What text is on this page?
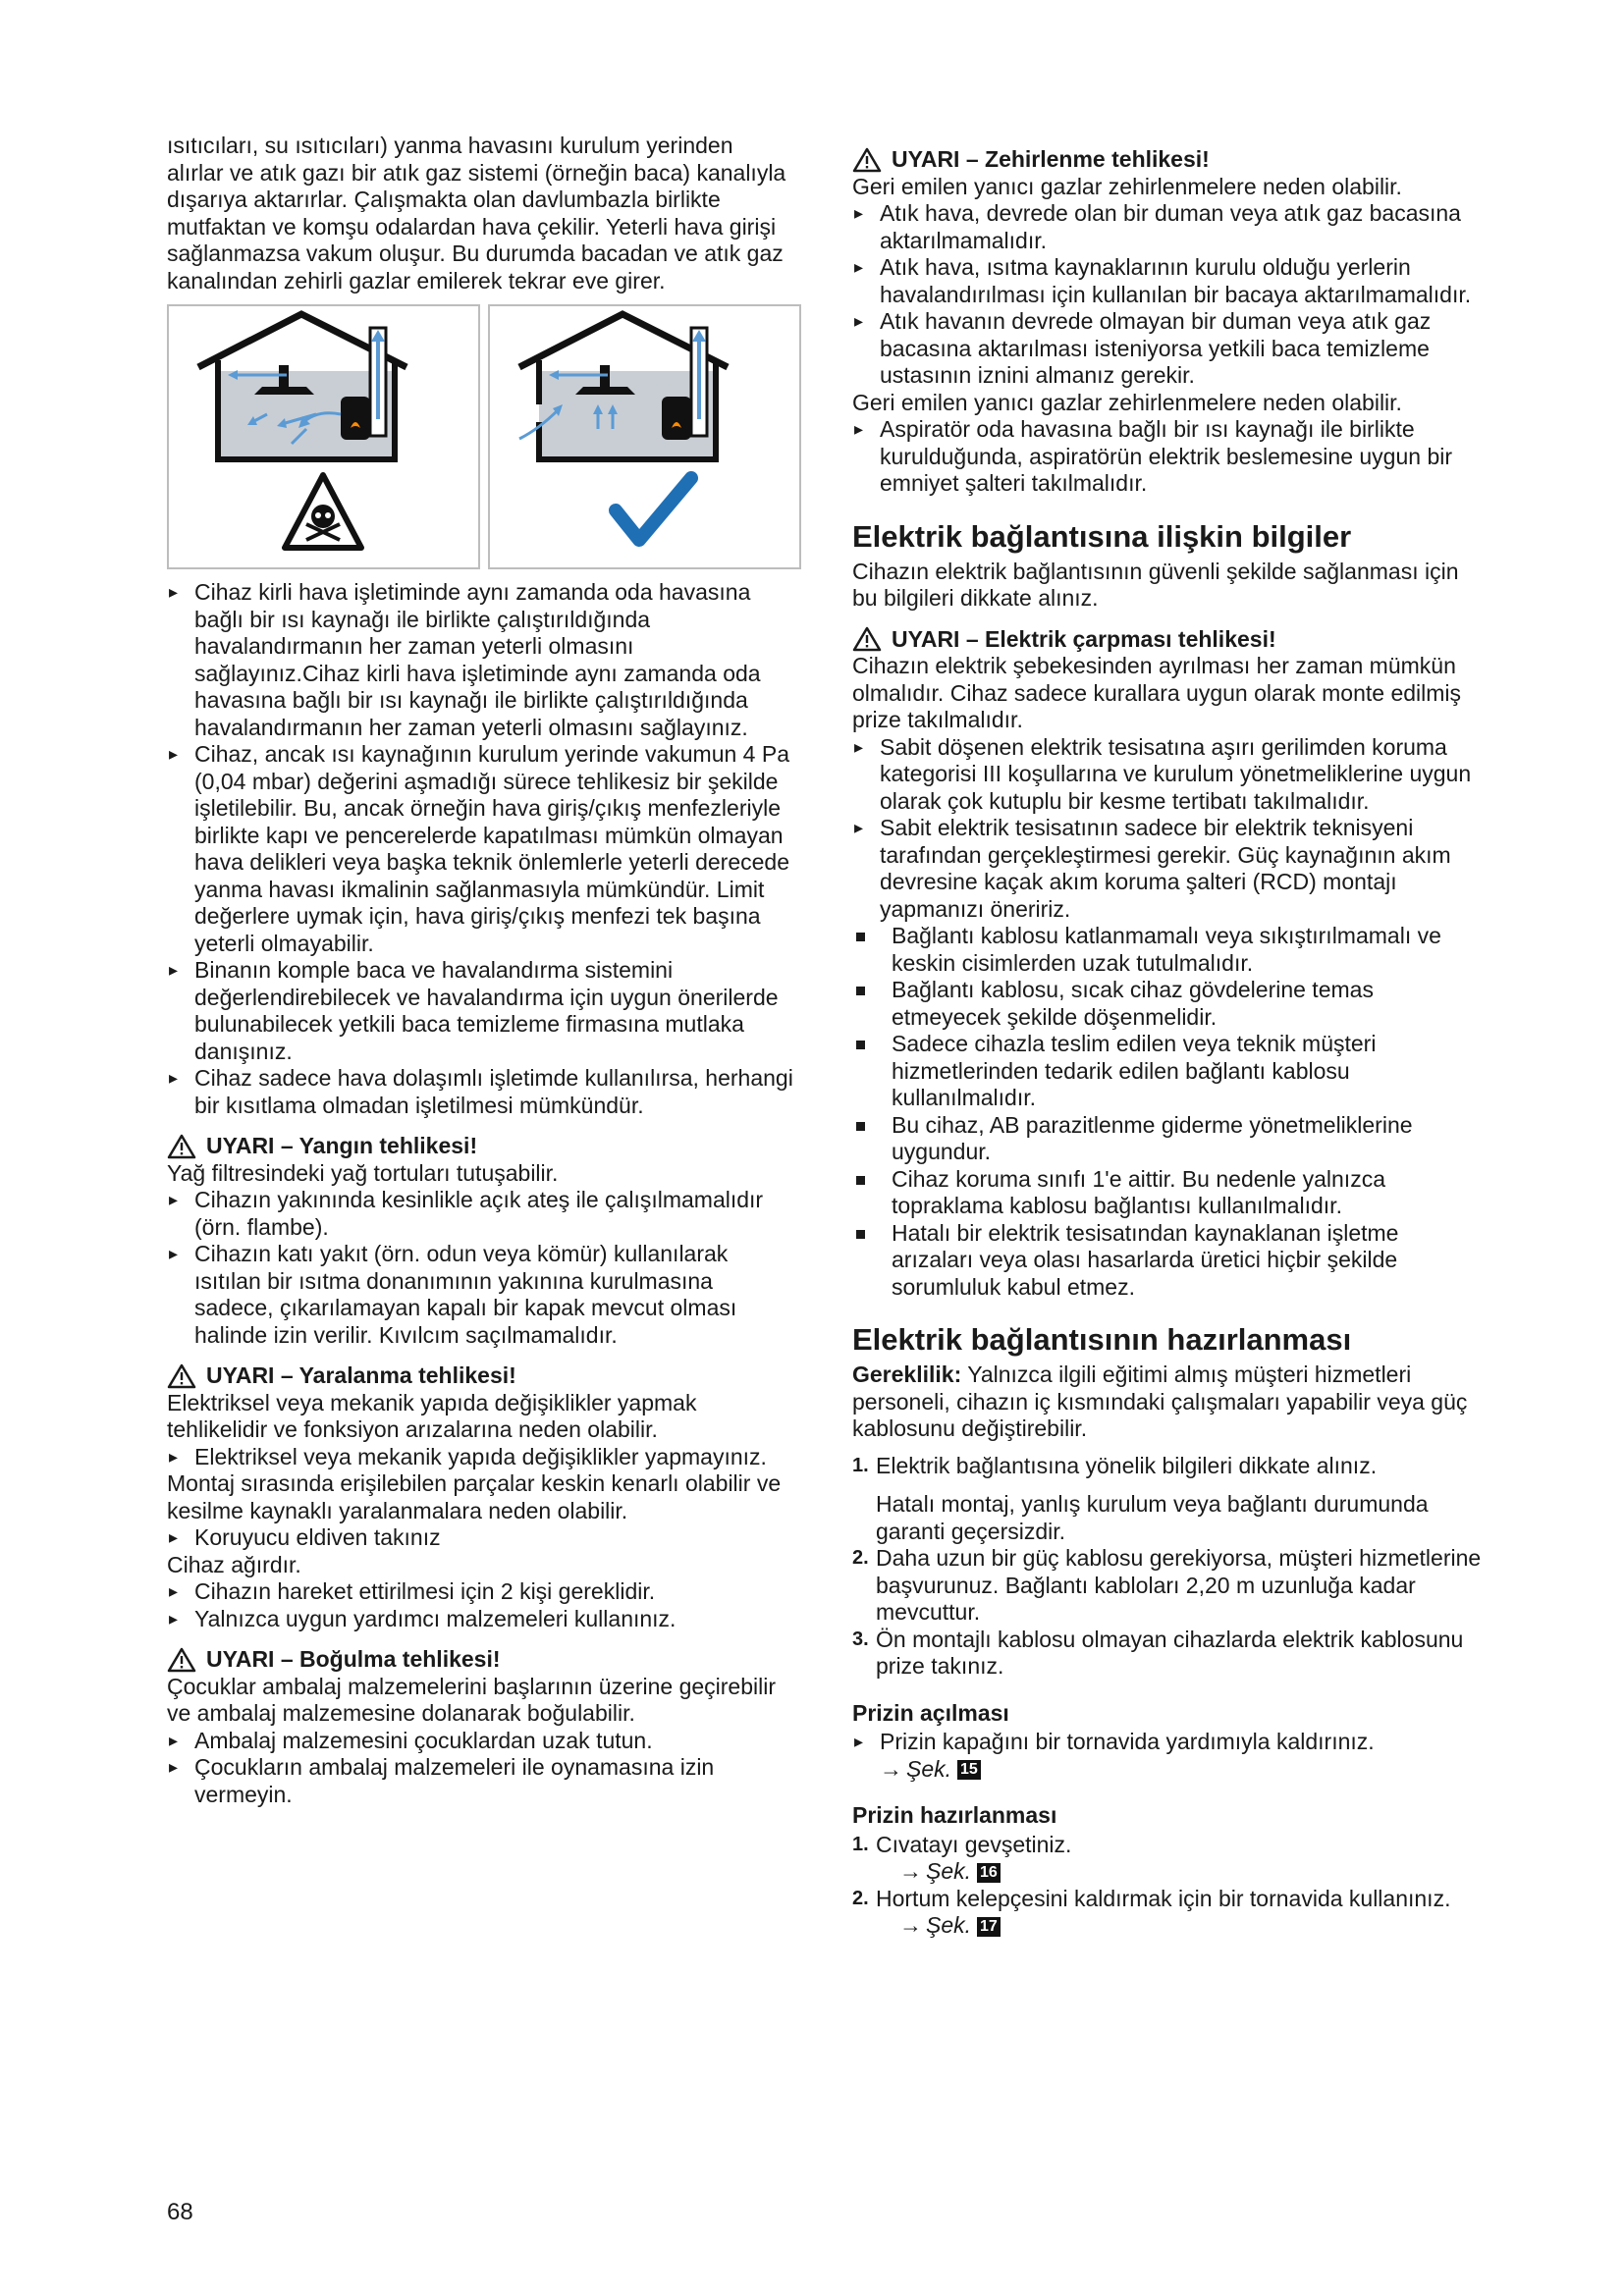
ısıtıcıları, su ısıtıcıları) yanma havasını kurulum yerinden alırlar ve atık gazı bir atık gaz sistemi (örneğin baca) kanalıyla dışarıya aktarırlar. Çalışmakta olan davlumbazla birlikte mutfaktan ve komşu odalardan hava çekilir. Yeterli hava girişi sağlanmazsa vakum oluşur. Bu durumda bacadan ve atık gaz kanalından zehirli gazlar emilerek tekrar eve girer.

▸ Cihaz kirli hava işletiminde aynı zamanda oda havasına bağlı bir ısı kaynağı ile birlikte çalıştırıldığında havalandırmanın her zaman yeterli olmasını sağlayınız.Cihaz kirli hava işletiminde aynı zamanda oda havasına bağlı bir ısı kaynağı ile birlikte çalıştırıldığında havalandırmanın her zaman yeterli olmasını sağlayınız.
▸ Cihaz, ancak ısı kaynağının kurulum yerinde vakumun 4 Pa (0,04 mbar) değerini aşmadığı sürece tehlikesiz bir şekilde işletilebilir. Bu, ancak örneğin hava giriş/çıkış menfezleriyle birlikte kapı ve pencerelerde kapatılması mümkün olmayan hava delikleri veya başka teknik önlemlerle yeterli derecede yanma havası ikmalinin sağlanmasıyla mümkündür. Limit değerlere uymak için, hava giriş/çıkış menfezi tek başına yeterli olmayabilir.
▸ Binanın komple baca ve havalandırma sistemini değerlendirebilecek ve havalandırma için uygun önerilerde bulunabilecek yetkili baca temizleme firmasına mutlaka danışınız.
▸ Cihaz sadece hava dolaşımlı işletimde kullanılırsa, herhangi bir kısıtlama olmadan işletilmesi mümkündür.
UYARI – Yangın tehlikesi!

Yağ filtresindeki yağ tortuları tutuşabilir.

▸ Cihazın yakınında kesinlikle açık ateş ile çalışılmamalıdır (örn. flambe).
▸ Cihazın katı yakıt (örn. odun veya kömür) kullanılarak ısıtılan bir ısıtma donanımının yakınına kurulmasına sadece, çıkarılamayan kapalı bir kapak mevcut olması halinde izin verilir. Kıvılcım saçılmamalıdır.
UYARI – Yaralanma tehlikesi!

Elektriksel veya mekanik yapıda değişiklikler yapmak tehlikelidir ve fonksiyon arızalarına neden olabilir.

▸ Elektriksel veya mekanik yapıda değişiklikler yapmayınız.

Montaj sırasında erişilebilen parçalar keskin kenarlı olabilir ve kesilme kaynaklı yaralanmalara neden olabilir.

▸ Koruyucu eldiven takınız

Cihaz ağırdır.

▸ Cihazın hareket ettirilmesi için 2 kişi gereklidir.
▸ Yalnızca uygun yardımcı malzemeleri kullanınız.
UYARI – Boğulma tehlikesi!

Çocuklar ambalaj malzemelerini başlarının üzerine geçirebilir ve ambalaj malzemesine dolanarak boğulabilir.

▸ Ambalaj malzemesini çocuklardan uzak tutun.
▸ Çocukların ambalaj malzemeleri ile oynamasına izin vermeyin.
UYARI – Zehirlenme tehlikesi!

Geri emilen yanıcı gazlar zehirlenmelere neden olabilir.

▸ Atık hava, devrede olan bir duman veya atık gaz bacasına aktarılmamalıdır.
▸ Atık hava, ısıtma kaynaklarının kurulu olduğu yerlerin havalandırılması için kullanılan bir bacaya aktarılmamalıdır.
▸ Atık havanın devrede olmayan bir duman veya atık gaz bacasına aktarılması isteniyorsa yetkili baca temizleme ustasının iznini almanız gerekir.

Geri emilen yanıcı gazlar zehirlenmelere neden olabilir.

▸ Aspiratör oda havasına bağlı bir ısı kaynağı ile birlikte kurulduğunda, aspiratörün elektrik beslemesine uygun bir emniyet şalteri takılmalıdır.
Elektrik bağlantısına ilişkin bilgiler

Cihazın elektrik bağlantısının güvenli şekilde sağlanması için bu bilgileri dikkate alınız.

UYARI – Elektrik çarpması tehlikesi!

Cihazın elektrik şebekesinden ayrılması her zaman mümkün olmalıdır. Cihaz sadece kurallara uygun olarak monte edilmiş prize takılmalıdır.

▸ Sabit döşenen elektrik tesisatına aşırı gerilimden koruma kategorisi III koşullarına ve kurulum yönetmeliklerine uygun olarak çok kutuplu bir kesme tertibatı takılmalıdır.
▸ Sabit elektrik tesisatının sadece bir elektrik teknisyeni tarafından gerçekleştirmesi gerekir. Güç kaynağının akım devresine kaçak akım koruma şalteri (RCD) montajı yapmanızı öneririz.
Bağlantı kablosu katlanmamalı veya sıkıştırılmamalı ve keskin cisimlerden uzak tutulmalıdır.
Bağlantı kablosu, sıcak cihaz gövdelerine temas etmeyecek şekilde döşenmelidir.
Sadece cihazla teslim edilen veya teknik müşteri hizmetlerinden tedarik edilen bağlantı kablosu kullanılmalıdır.
Bu cihaz, AB parazitlenme giderme yönetmeliklerine uygundur.
Cihaz koruma sınıfı 1'e aittir. Bu nedenle yalnızca topraklama kablosu bağlantısı kullanılmalıdır.
Hatalı bir elektrik tesisatından kaynaklanan işletme arızaları veya olası hasarlarda üretici hiçbir şekilde sorumluluk kabul etmez.
Elektrik bağlantısının hazırlanması

Gereklilik: Yalnızca ilgili eğitimi almış müşteri hizmetleri personeli, cihazın iç kısmındaki çalışmaları yapabilir veya güç kablosunu değiştirebilir.

1. Elektrik bağlantısına yönelik bilgileri dikkate alınız.
Hatalı montaj, yanlış kurulum veya bağlantı durumunda garanti geçersizdir.
2. Daha uzun bir güç kablosu gerekiyorsa, müşteri hizmetlerine başvurunuz. Bağlantı kabloları 2,20 m uzunluğa kadar mevcuttur.
3. Ön montajlı kablosu olmayan cihazlarda elektrik kablosunu prize takınız.
Prizin açılması
▸ Prizin kapağını bir tornavida yardımıyla kaldırınız.
→ Şek. 15
Prizin hazırlanması
1. Cıvatayı gevşetiniz.
→ Şek. 16
2. Hortum kelepçesini kaldırmak için bir tornavida kullanınız.
→ Şek. 17
68
